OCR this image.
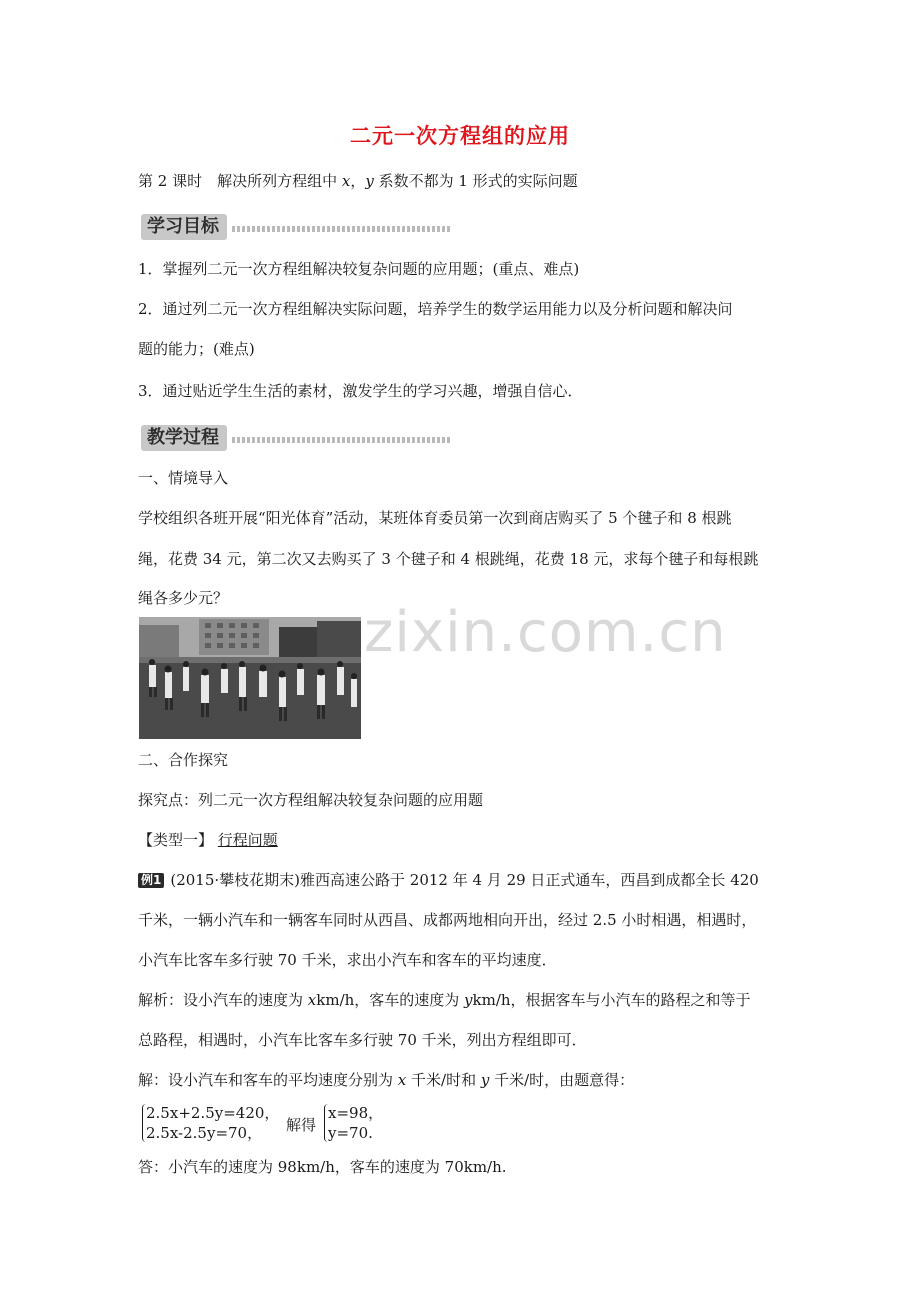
二元一次方程组的应用
第 2 课时　解决所列方程组中 x，y 系数不都为 1 形式的实际问题
学习目标
1．掌握列二元一次方程组解决较复杂问题的应用题；(重点、难点)
2．通过列二元一次方程组解决实际问题，培养学生的数学运用能力以及分析问题和解决问
题的能力；(难点)
3．通过贴近学生生活的素材，激发学生的学习兴趣，增强自信心．
教学过程
一、情境导入
学校组织各班开展“阳光体育”活动，某班体育委员第一次到商店购买了 5 个毽子和 8 根跳
绳，花费 34 元，第二次又去购买了 3 个毽子和 4 根跳绳，花费 18 元，求每个毽子和每根跳
绳各多少元？
zixin.com.cn
二、合作探究
探究点：列二元一次方程组解决较复杂问题的应用题
【类型一】 行程问题
例1 (2015·攀枝花期末)雅西高速公路于 2012 年 4 月 29 日正式通车，西昌到成都全长 420
千米，一辆小汽车和一辆客车同时从西昌、成都两地相向开出，经过 2.5 小时相遇，相遇时，
小汽车比客车多行驶 70 千米，求出小汽车和客车的平均速度．
解析：设小汽车的速度为 xkm/h，客车的速度为 ykm/h，根据客车与小汽车的路程之和等于
总路程，相遇时，小汽车比客车多行驶 70 千米，列出方程组即可．
解：设小汽车和客车的平均速度分别为 x 千米/时和 y 千米/时，由题意得：
2.5x+2.5y=420，
2.5x-2.5y=70， 解得
x=98，
y=70.
答：小汽车的速度为 98km/h，客车的速度为 70km/h.
